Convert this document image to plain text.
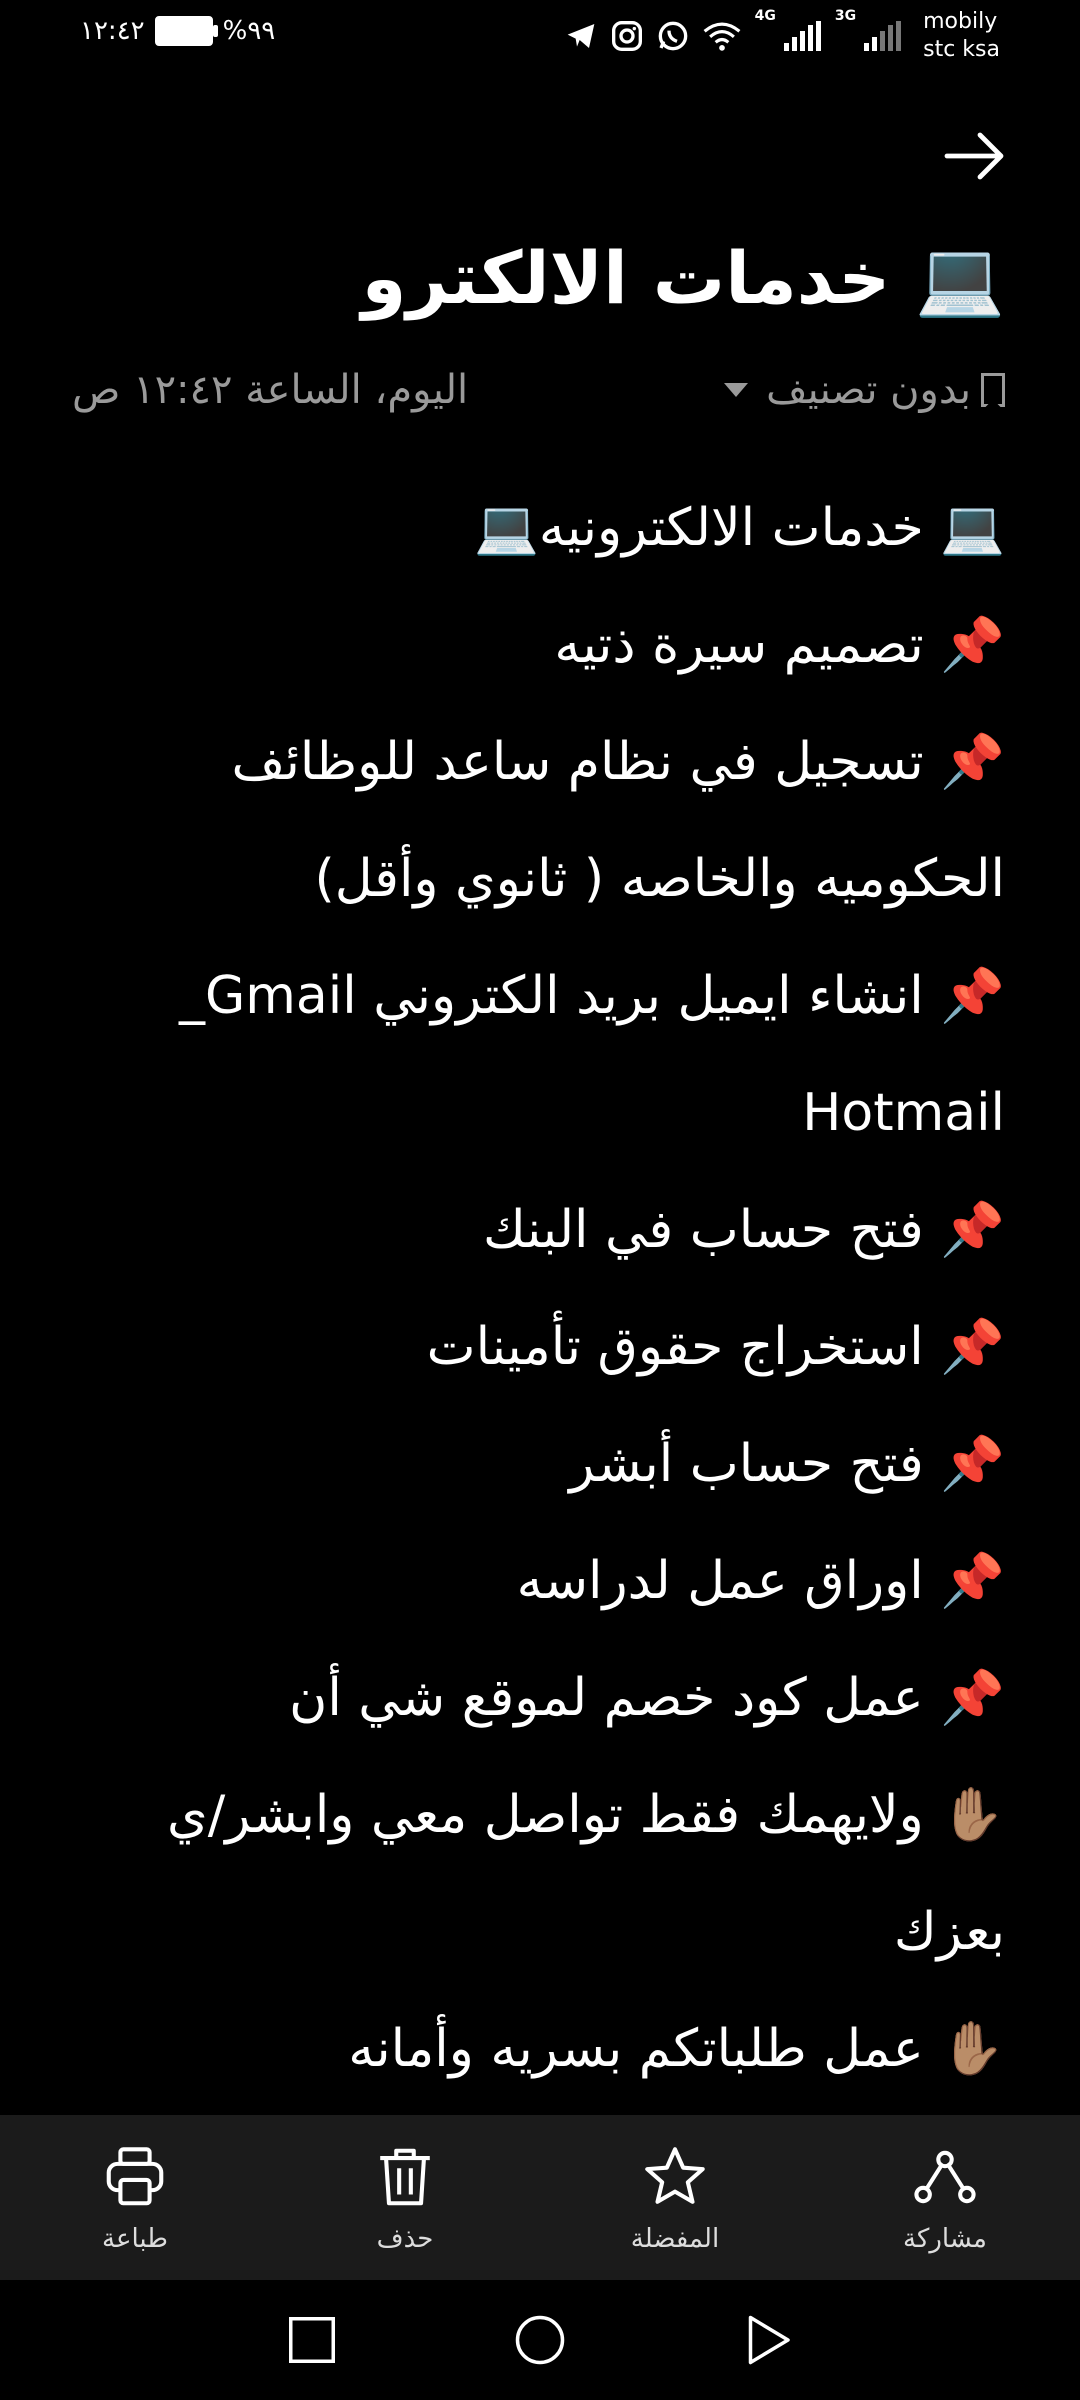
١٢:٤٢	%٩٩	4G	3G	mobily
stc ksa
💻 خدمات الالكترو
بدون تصنيف
اليوم، الساعة ١٢:٤٢ ص
💻 خدمات الالكترونيه💻
📌 تصميم سيرة ذتيه
📌 تسجيل في نظام ساعد للوظائف
الحكوميه والخاصه ( ثانوي وأقل)
📌 انشاء ايميل بريد الكتروني Gmail_
Hotmail
📌 فتح حساب في البنك
📌 استخراج حقوق تأمينات
📌 فتح حساب أبشر
📌 اوراق عمل لدراسه
📌 عمل كود خصم لموقع شي أن
✋🏽 ولايهمك فقط تواصل معي وابشر/ي
بعزك
✋🏽 عمل طلباتكم بسريه وأمانه
طباعة	حذف	المفضلة	مشاركة
